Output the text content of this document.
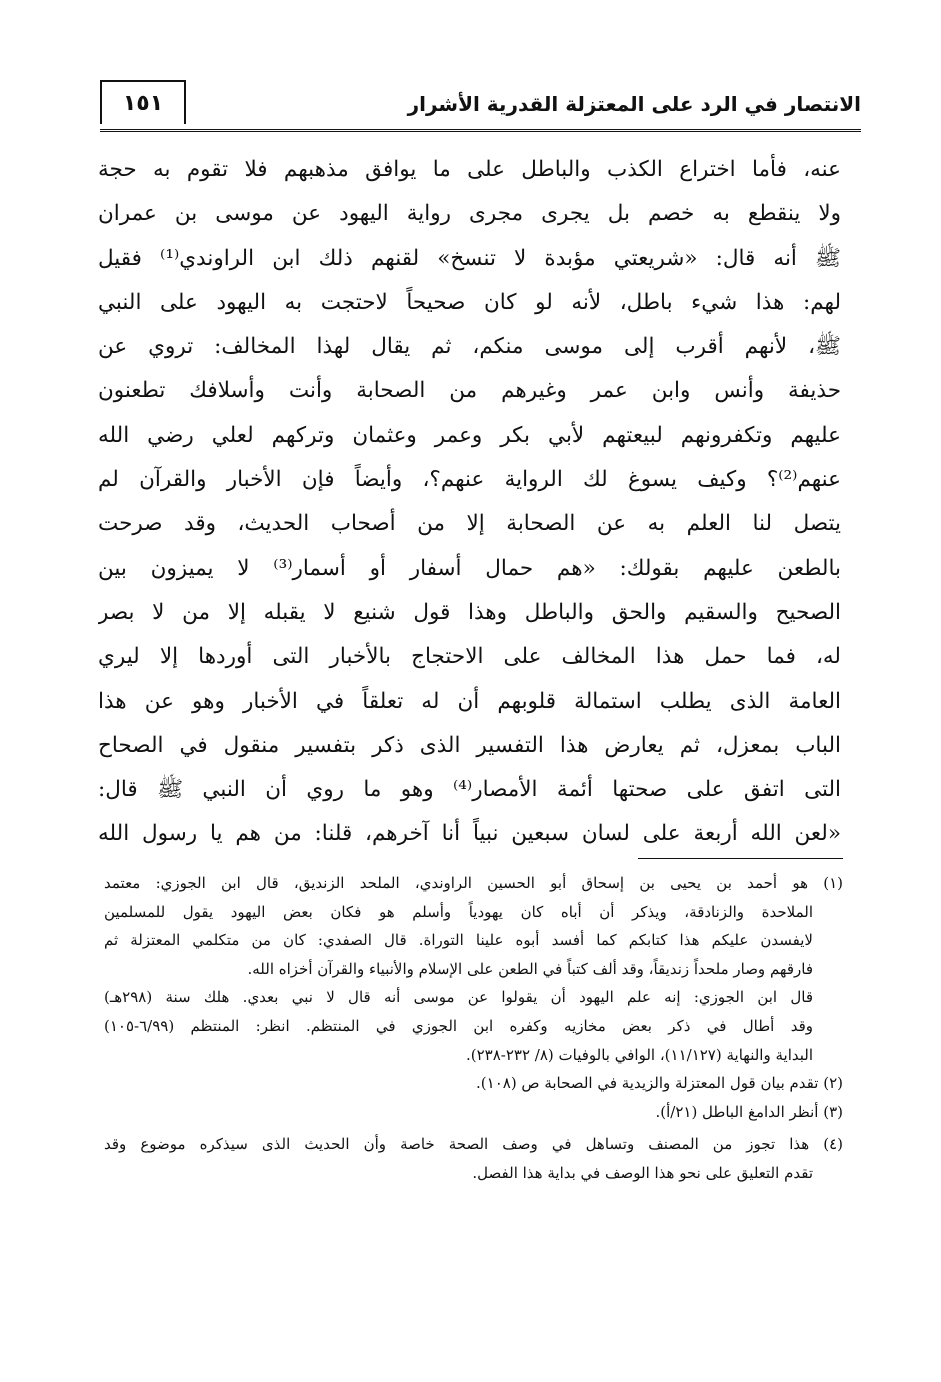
الانتصار في الرد على المعتزلة القدرية الأشرار
١٥١
عنه، فأما اختراع الكذب والباطل على ما يوافق مذهبهم فلا تقوم به حجة
ولا ينقطع به خصم بل يجرى مجرى رواية اليهود عن موسى بن عمران
ﷺ أنه قال: «شريعتي مؤبدة لا تنسخ» لقنهم ذلك ابن الراوندي⁽¹⁾ فقيل
لهم: هذا شيء باطل، لأنه لو كان صحيحاً لاحتجت به اليهود على النبي
ﷺ، لأنهم أقرب إلى موسى منكم، ثم يقال لهذا المخالف: تروي عن
حذيفة وأنس وابن عمر وغيرهم من الصحابة وأنت وأسلافك تطعنون
عليهم وتكفرونهم لبيعتهم لأبي بكر وعمر وعثمان وتركهم لعلي رضي الله
عنهم⁽²⁾؟ وكيف يسوغ لك الرواية عنهم؟، وأيضاً فإن الأخبار والقرآن لم
يتصل لنا العلم به عن الصحابة إلا من أصحاب الحديث، وقد صرحت
بالطعن عليهم بقولك: «هم حمال أسفار أو أسمار⁽³⁾ لا يميزون بين
الصحيح والسقيم والحق والباطل وهذا قول شنيع لا يقبله إلا من لا بصر
له، فما حمل هذا المخالف على الاحتجاج بالأخبار التى أوردها إلا ليري
العامة الذى يطلب استمالة قلوبهم أن له تعلقاً في الأخبار وهو عن هذا
الباب بمعزل، ثم يعارض هذا التفسير الذى ذكر بتفسير منقول في الصحاح
التى اتفق على صحتها أئمة الأمصار⁽⁴⁾ وهو ما روي أن النبي ﷺ قال:
«لعن الله أربعة على لسان سبعين نبياً أنا آخرهم، قلنا: من هم يا رسول الله
(١) هو أحمد بن يحيى بن إسحاق أبو الحسين الراوندي، الملحد الزنديق، قال ابن الجوزي: معتمد
الملاحدة والزنادقة، ويذكر أن أباه كان يهودياً وأسلم هو فكان بعض اليهود يقول للمسلمين
لايفسدن عليكم هذا كتابكم كما أفسد أبوه علينا التوراة. قال الصفدي: كان من متكلمي المعتزلة ثم
فارقهم وصار ملحداً زنديقاً، وقد ألف كتباً في الطعن على الإسلام والأنبياء والقرآن أخزاه الله.
قال ابن الجوزي: إنه علم اليهود أن يقولوا عن موسى أنه قال لا نبي بعدي. هلك سنة (٢٩٨هـ)
وقد أطال في ذكر بعض مخازيه وكفره ابن الجوزي في المنتظم. انظر: المنتظم (٦/٩٩-١٠٥)
البداية والنهاية (١١/١٢٧)، الوافي بالوفيات (٨/ ٢٣٢-٢٣٨).
(٢) تقدم بيان قول المعتزلة والزيدية في الصحابة ص (١٠٨).
(٣) أنظر الدامغ الباطل (٢١/أ).
(٤) هذا تجوز من المصنف وتساهل في وصف الصحة خاصة وأن الحديث الذى سيذكره موضوع وقد
تقدم التعليق على نحو هذا الوصف في بداية هذا الفصل.
